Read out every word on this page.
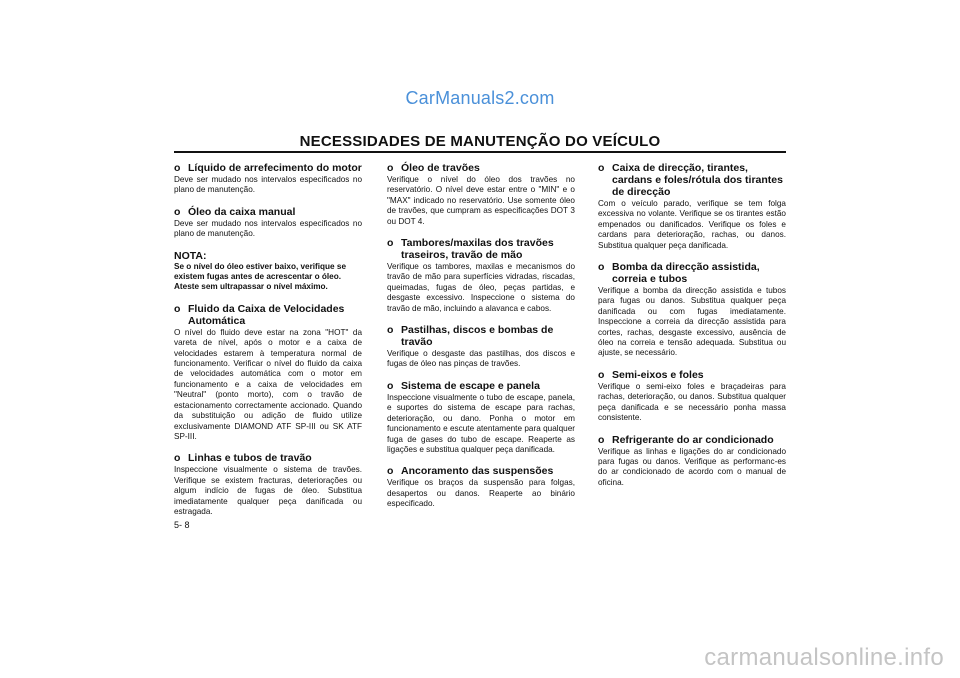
CarManuals2.com
NECESSIDADES DE MANUTENÇÃO DO VEÍCULO
o Líquido de arrefecimento do motor
Deve ser mudado nos intervalos especificados no plano de manutenção.
o Óleo da caixa manual
Deve ser mudado nos intervalos especificados no plano de manutenção.
NOTA:
Se o nível do óleo estiver baixo, verifique se existem fugas antes de acrescentar o óleo. Ateste sem ultrapassar o nível máximo.
o Fluido da Caixa de Velocidades Automática
O nível do fluido deve estar na zona "HOT" da vareta de nível, após o motor e a caixa de velocidades estarem à temperatura normal de funcionamento. Verificar o nível do fluido da caixa de velocidades automática com o motor em funcionamento e a caixa de velocidades em "Neutral" (ponto morto), com o travão de estacionamento correctamente accionado. Quando da substituição ou adição de fluido utilize exclusivamente DIAMOND ATF SP-III ou SK ATF SP-III.
o Linhas e tubos de travão
Inspeccione visualmente o sistema de travões. Verifique se existem fracturas, deteriorações ou algum indício de fugas de óleo. Substitua imediatamente qualquer peça danificada ou estragada.
o Óleo de travões
Verifique o nível do óleo dos travões no reservatório. O nível deve estar entre o "MIN" e o "MAX" indicado no reservatório. Use somente óleo de travões, que cumpram as especificações DOT 3 ou DOT 4.
o Tambores/maxilas dos travões traseiros, travão de mão
Verifique os tambores, maxilas e mecanismos do travão de mão para superfícies vidradas, riscadas, queimadas, fugas de óleo, peças partidas, e desgaste excessivo. Inspeccione o sistema do travão de mão, incluindo a alavanca e cabos.
o Pastilhas, discos e bombas de travão
Verifique o desgaste das pastilhas, dos discos e fugas de óleo nas pinças de travões.
o Sistema de escape e panela
Inspeccione visualmente o tubo de escape, panela, e suportes do sistema de escape para rachas, deterioração, ou dano. Ponha o motor em funcionamento e escute atentamente para qualquer fuga de gases do tubo de escape. Reaperte as ligações e substitua qualquer peça danificada.
o Ancoramento das suspensões
Verifique os braços da suspensão para folgas, desapertos ou danos. Reaperte ao binário especificado.
o Caixa de direcção, tirantes, cardans e foles/rótula dos tirantes de direcção
Com o veículo parado, verifique se tem folga excessiva no volante. Verifique se os tirantes estão empenados ou danificados. Verifique os foles e cardans para deterioração, rachas, ou danos. Substitua qualquer peça danificada.
o Bomba da direcção assistida, correia e tubos
Verifique a bomba da direcção assistida e tubos para fugas ou danos. Substitua qualquer peça danificada ou com fugas imediatamente. Inspeccione a correia da direcção assistida para cortes, rachas, desgaste excessivo, ausência de óleo na correia e tensão adequada. Substitua ou ajuste, se necessário.
o Semi-eixos e foles
Verifique o semi-eixo foles e braçadeiras para rachas, deterioração, ou danos. Substitua qualquer peça danificada e se necessário ponha massa consistente.
o Refrigerante do ar condicionado
Verifique as linhas e ligações do ar condicionado para fugas ou danos. Verifique as performanc-es do ar condicionado de acordo com o manual de oficina.
5- 8
carmanualsonline.info
